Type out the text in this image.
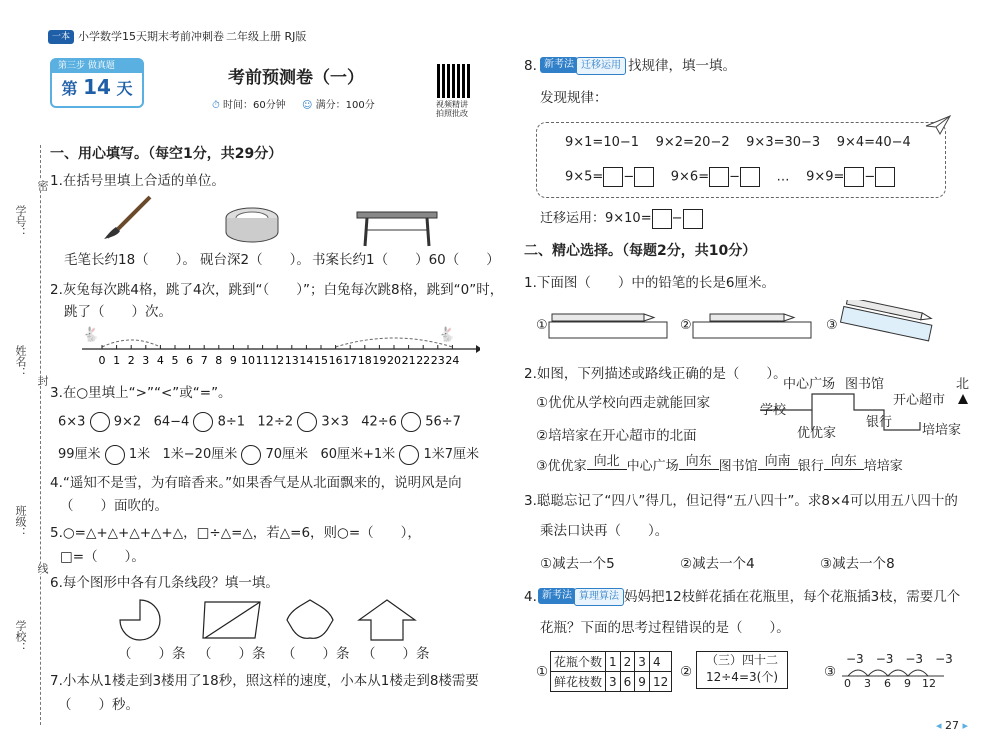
一本 小学数学15天期末考前冲刺卷 二年级上册 RJ版
第三步 做真题
第 14 天
考前预测卷（一）
⏱ 时间：60分钟 ☺ 满分：100分	视频精讲
拍照批改
学号：
姓名：
班级：
学校：
密
封
线
一、用心填写。（每空1分，共29分）
1.在括号里填上合适的单位。
毛笔长约18（　　）。 砚台深2（　　）。 书案长约1（　　）60（　　）
2.灰兔每次跳4格，跳了4次，跳到“（　　）”；白兔每次跳8格，跳到“0”时，
跳了（　　）次。
🐇	🐇
0 1 2 3 4 5 6 7 8 9 10 11 12 13 14 15 16 17 18 19 20 21 22 23 24
3.在○里填上“>”“<”或“=”。
6×3 9×2 64−4 8÷1 12÷2 3×3 42÷6 56÷7
99厘米 1米 1米−20厘米 70厘米 60厘米+1米 1米7厘米
4.“遥知不是雪，为有暗香来。”如果香气是从北面飘来的，说明风是向
（　　）面吹的。
5.○=△+△+△+△+△，□÷△=△，若△=6，则○=（　　），
□=（　　）。
6.每个图形中各有几条线段？填一填。
（　　）条 （　　）条 （　　）条 （　　）条
7.小本从1楼走到3楼用了18秒，照这样的速度，小本从1楼走到8楼需要
（　　）秒。
8. 新考法 迁移运用 找规律，填一填。
发现规律：
9×1=10−1 9×2=20−2 9×3=30−3 9×4=40−4
9×5= −	9×6= −	… 9×9= −
迁移运用：9×10= −
二、精心选择。（每题2分，共10分）
1.下面图（　　）中的铅笔的长是6厘米。
①	②	③
2.如图，下列描述或路线正确的是（　　）。
①优优从学校向西走就能回家
②培培家在开心超市的北面
中心广场 图书馆
学校
开心超市
优优家
银行
培培家
北
③优优家 向北 中心广场 向东 图书馆 向南 银行 向东 培培家
3.聪聪忘记了“四八”得几，但记得“五八四十”。求8×4可以用五八四十的
乘法口诀再（　　）。
①减去一个5	②减去一个4	③减去一个8
4. 新考法 算理算法 妈妈把12枝鲜花插在花瓶里，每个花瓶插3枝，需要几个
花瓶？下面的思考过程错误的是（　　）。
①
花瓶个数	1	2	3	4
鲜花枝数	3	6	9	12
②
（三）四十二
12÷4=3(个)	③
−3　−3　−3　−3
0 3 6 9 12
◂ 27 ▸
